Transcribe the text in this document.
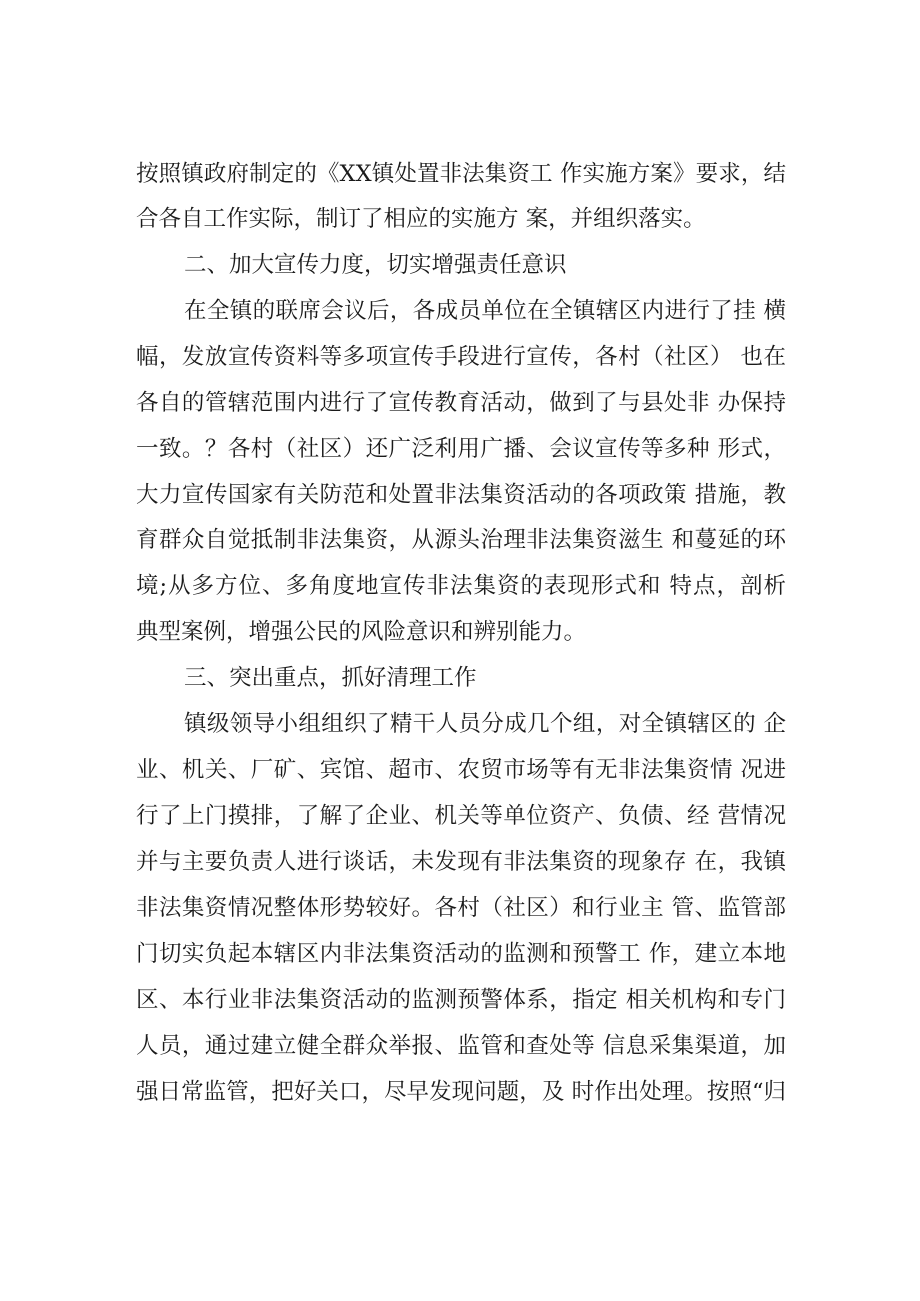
按照镇政府制定的《XX镇处置非法集资工 作实施方案》要求，结
合各自工作实际，制订了相应的实施方 案，并组织落实。
二、加大宣传力度，切实增强责任意识
在全镇的联席会议后，各成员单位在全镇辖区内进行了挂 横
幅，发放宣传资料等多项宣传手段进行宣传，各村（社区） 也在
各自的管辖范围内进行了宣传教育活动，做到了与县处非 办保持
一致。？各村（社区）还广泛利用广播、会议宣传等多种 形式，
大力宣传国家有关防范和处置非法集资活动的各项政策 措施，教
育群众自觉抵制非法集资，从源头治理非法集资滋生 和蔓延的环
境;从多方位、多角度地宣传非法集资的表现形式和 特点，剖析
典型案例，增强公民的风险意识和辨别能力。
三、突出重点，抓好清理工作
镇级领导小组组织了精干人员分成几个组，对全镇辖区的 企
业、机关、厂矿、宾馆、超市、农贸市场等有无非法集资情 况进
行了上门摸排，了解了企业、机关等单位资产、负债、经 营情况
并与主要负责人进行谈话，未发现有非法集资的现象存 在，我镇
非法集资情况整体形势较好。各村（社区）和行业主 管、监管部
门切实负起本辖区内非法集资活动的监测和预警工 作，建立本地
区、本行业非法集资活动的监测预警体系，指定 相关机构和专门
人员，通过建立健全群众举报、监管和查处等 信息采集渠道，加
强日常监管，把好关口，尽早发现问题，及 时作出处理。按照“归
